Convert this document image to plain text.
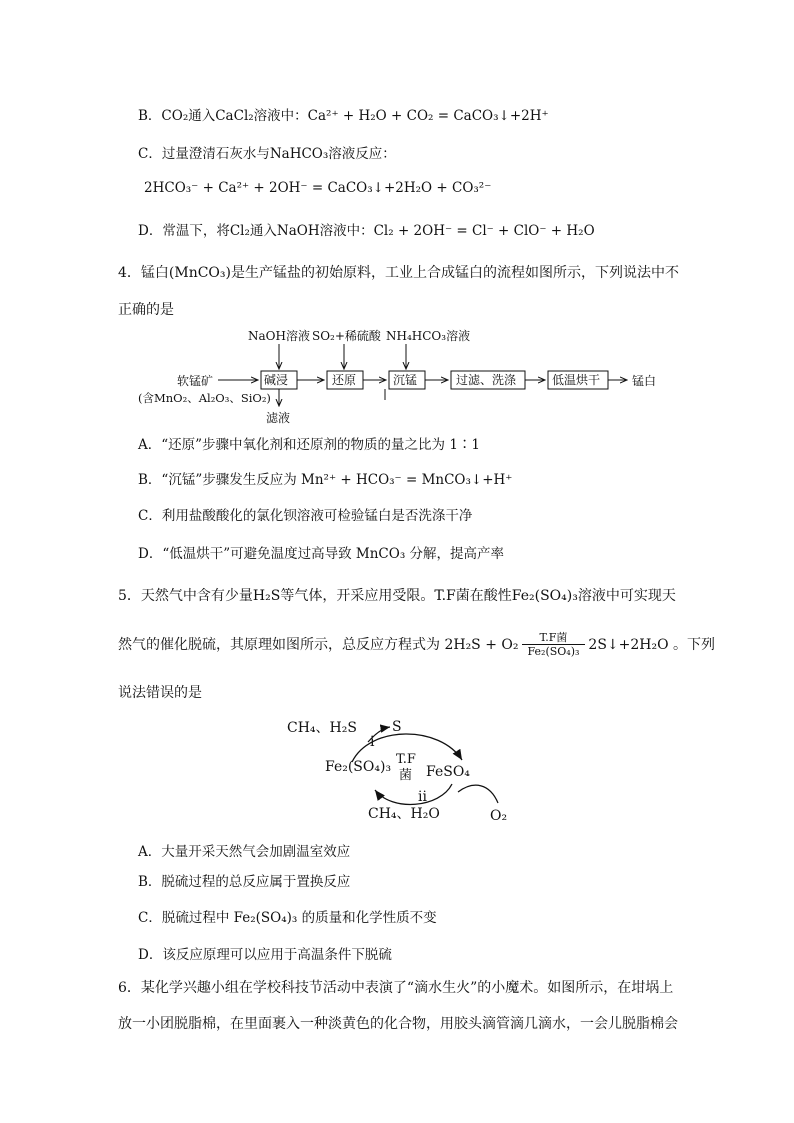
B．CO₂通入CaCl₂溶液中：Ca²⁺ + H₂O + CO₂ = CaCO₃↓+2H⁺
C．过量澄清石灰水与NaHCO₃溶液反应：
2HCO₃⁻ + Ca²⁺ + 2OH⁻ = CaCO₃↓+2H₂O + CO₃²⁻
D．常温下，将Cl₂通入NaOH溶液中：Cl₂ + 2OH⁻ = Cl⁻ + ClO⁻ + H₂O
4．锰白(MnCO₃)是生产锰盐的初始原料，工业上合成锰白的流程如图所示，下列说法中不
正确的是
NaOH溶液 SO₂+稀硫酸 NH₄HCO₃溶液
软锰矿
(含MnO₂、Al₂O₃、SiO₂)
碱浸	还原	沉锰	过滤、洗涤	低温烘干	锰白
滤液
A．“还原”步骤中氧化剂和还原剂的物质的量之比为 1∶1
B．“沉锰”步骤发生反应为 Mn²⁺ + HCO₃⁻ = MnCO₃↓+H⁺
C．利用盐酸酸化的氯化钡溶液可检验锰白是否洗涤干净
D．“低温烘干”可避免温度过高导致 MnCO₃ 分解，提高产率
5．天然气中含有少量H₂S等气体，开采应用受限。T.F菌在酸性Fe₂(SO₄)₃溶液中可实现天
然气的催化脱硫，其原理如图所示，总反应方程式为 $2H_2S + O_2 \frac{\text{T.F菌}}{\text{Fe₂(SO₄)₃}}$ 2S↓+2H₂O 。下列
说法错误的是
CH₄、H₂S	S
i
Fe₂(SO₄)₃ T.F
菌 FeSO₄
ii
CH₄、H₂O	O₂
A．大量开采天然气会加剧温室效应
B．脱硫过程的总反应属于置换反应
C．脱硫过程中 Fe₂(SO₄)₃ 的质量和化学性质不变
D．该反应原理可以应用于高温条件下脱硫
6．某化学兴趣小组在学校科技节活动中表演了“滴水生火”的小魔术。如图所示，在坩埚上
放一小团脱脂棉，在里面裹入一种淡黄色的化合物，用胶头滴管滴几滴水，一会儿脱脂棉会
